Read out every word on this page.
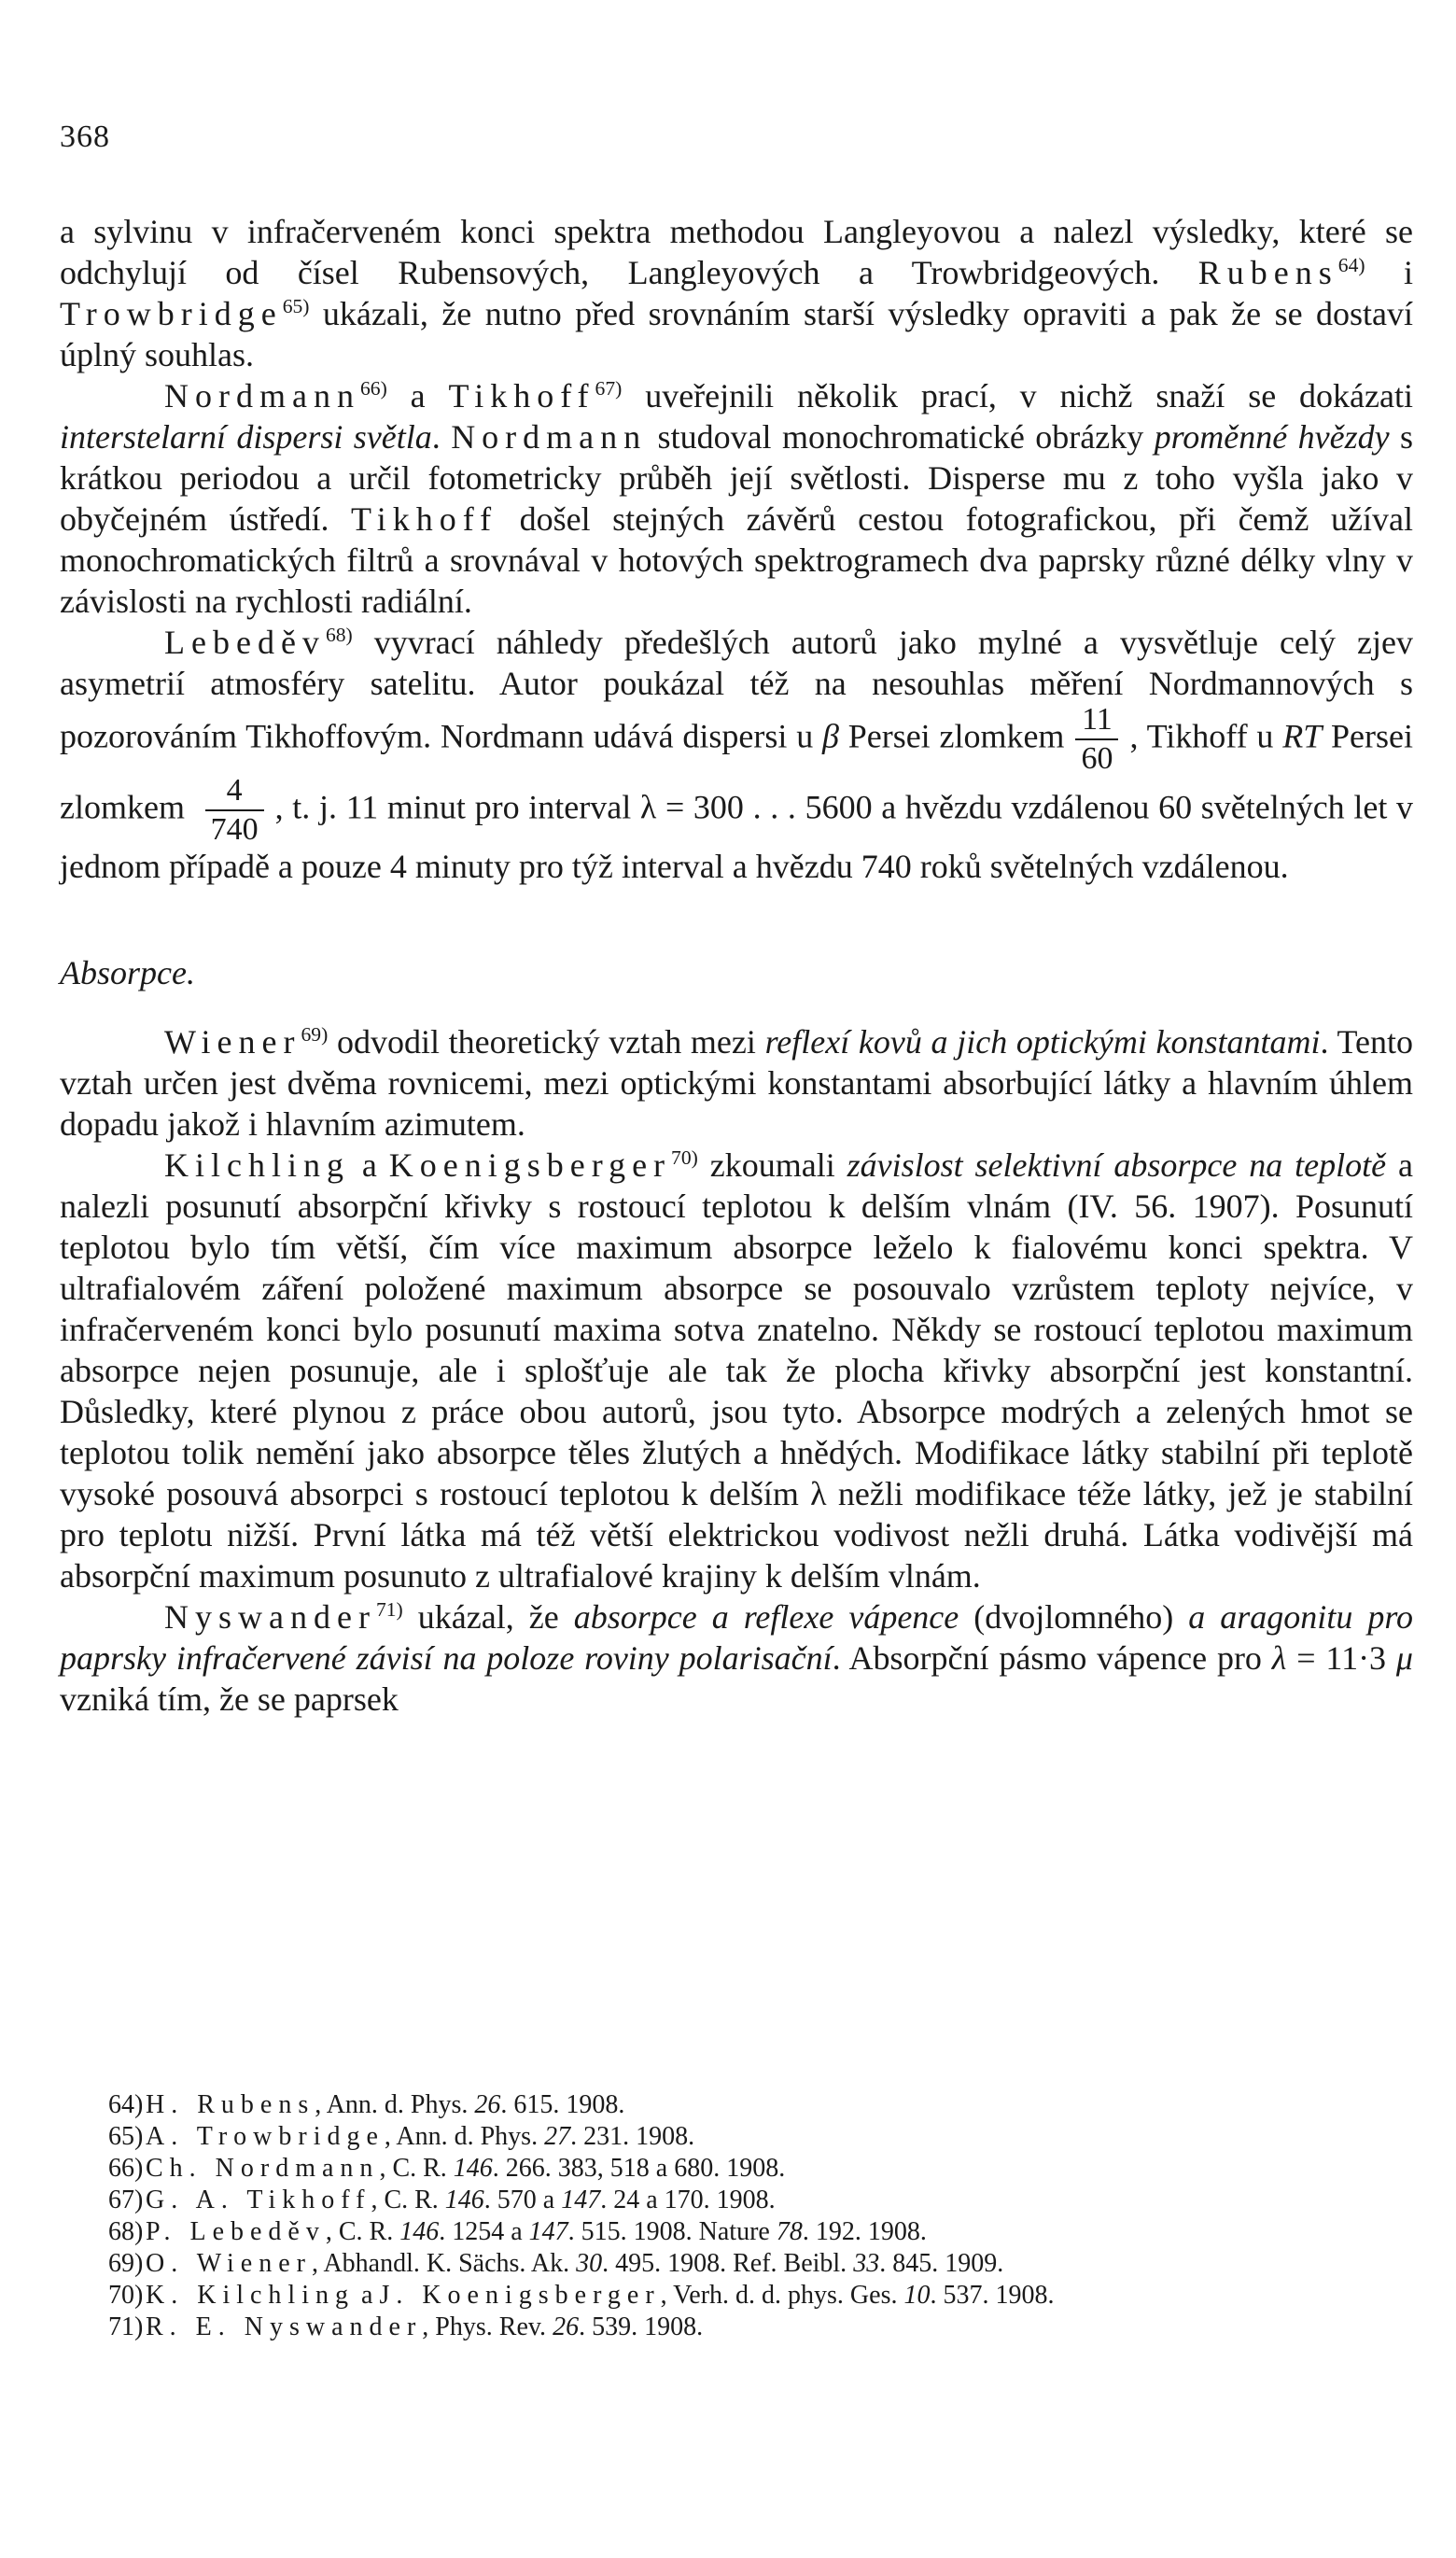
368

a sylvinu v infračerveném konci spektra methodou Langleyovou a nalezl výsledky, které se odchylují od čísel Rubensových, Langleyových a Trowbridgeových. Rubens$^{64)}$ i Trowbridge$^{65)}$ ukázali, že nutno před srovnáním starší výsledky opraviti a pak že se dostaví úplný souhlas.

Nordmann$^{66)}$ a Tikhoff$^{67)}$ uveřejnili několik prací, v nichž snaží se dokázati interstelarní dispersi světla. Nordmann studoval monochromatické obrázky proměnné hvězdy s krátkou periodou a určil fotometricky průběh její světlosti. Disperse mu z toho vyšla jako v obyčejném ústředí. Tikhoff došel stejných závěrů cestou fotografickou, při čemž užíval monochromatických filtrů a srovnával v hotových spektrogramech dva paprsky různé délky vlny v závislosti na rychlosti radiální.

Lebeděv$^{68)}$ vyvrací náhledy předešlých autorů jako mylné a vysvětluje celý zjev asymetrií atmosféry satelitu. Autor poukázal též na nesouhlas měření Nordmannových s pozorováním Tikhoffovým. Nordmann udává dispersi u β Persei zlomkem $\frac{11}{60}$ , Tikhoff u RT Persei zlomkem $\frac{4}{740}$ , t. j. 11 minut pro interval λ = 300 . . . 5600 a hvězdu vzdálenou 60 světelných let v jednom případě a pouze 4 minuty pro týž interval a hvězdu 740 roků světelných vzdálenou.

Absorpce.

Wiener$^{69)}$ odvodil theoretický vztah mezi reflexí kovů a jich optickými konstantami. Tento vztah určen jest dvěma rovnicemi, mezi optickými konstantami absorbující látky a hlavním úhlem dopadu jakož i hlavním azimutem.

Kilchling a Koenigsberger$^{70)}$ zkoumali závislost selektivní absorpce na teplotě a nalezli posunutí absorpční křivky s rostoucí teplotou k delším vlnám (IV. 56. 1907). Posunutí teplotou bylo tím větší, čím více maximum absorpce leželo k fialovému konci spektra. V ultrafialovém záření položené maximum absorpce se posouvalo vzrůstem teploty nejvíce, v infračerveném konci bylo posunutí maxima sotva znatelno. Někdy se rostoucí teplotou maximum absorpce nejen posunuje, ale i splošťuje ale tak že plocha křivky absorpční jest konstantní. Důsledky, které plynou z práce obou autorů, jsou tyto. Absorpce modrých a zelených hmot se teplotou tolik nemění jako absorpce těles žlutých a hnědých. Modifikace látky stabilní při teplotě vysoké posouvá absorpci s rostoucí teplotou k delším λ nežli modifikace téže látky, jež je stabilní pro teplotu nižší. První látka má též větší elektrickou vodivost nežli druhá. Látka vodivější má absorpční maximum posunuto z ultrafialové krajiny k delším vlnám.

Nyswander$^{71)}$ ukázal, že absorpce a reflexe vápence (dvojlomného) a aragonitu pro paprsky infračervené závisí na poloze roviny polarisační. Absorpční pásmo vápence pro λ = 11·3 μ vzniká tím, že se paprsek

64)H. Rubens, Ann. d. Phys. 26. 615. 1908.

65)A. Trowbridge, Ann. d. Phys. 27. 231. 1908.

66)Ch. Nordmann, C. R. 146. 266. 383, 518 a 680. 1908.

67)G. A. Tikhoff, C. R. 146. 570 a 147. 24 a 170. 1908.

68)P. Lebeděv, C. R. 146. 1254 a 147. 515. 1908. Nature 78. 192. 1908.

69)O. Wiener, Abhandl. K. Sächs. Ak. 30. 495. 1908. Ref. Beibl. 33. 845. 1909.

70)K. Kilchling a J. Koenigsberger, Verh. d. d. phys. Ges. 10. 537. 1908.

71)R. E. Nyswander, Phys. Rev. 26. 539. 1908.
